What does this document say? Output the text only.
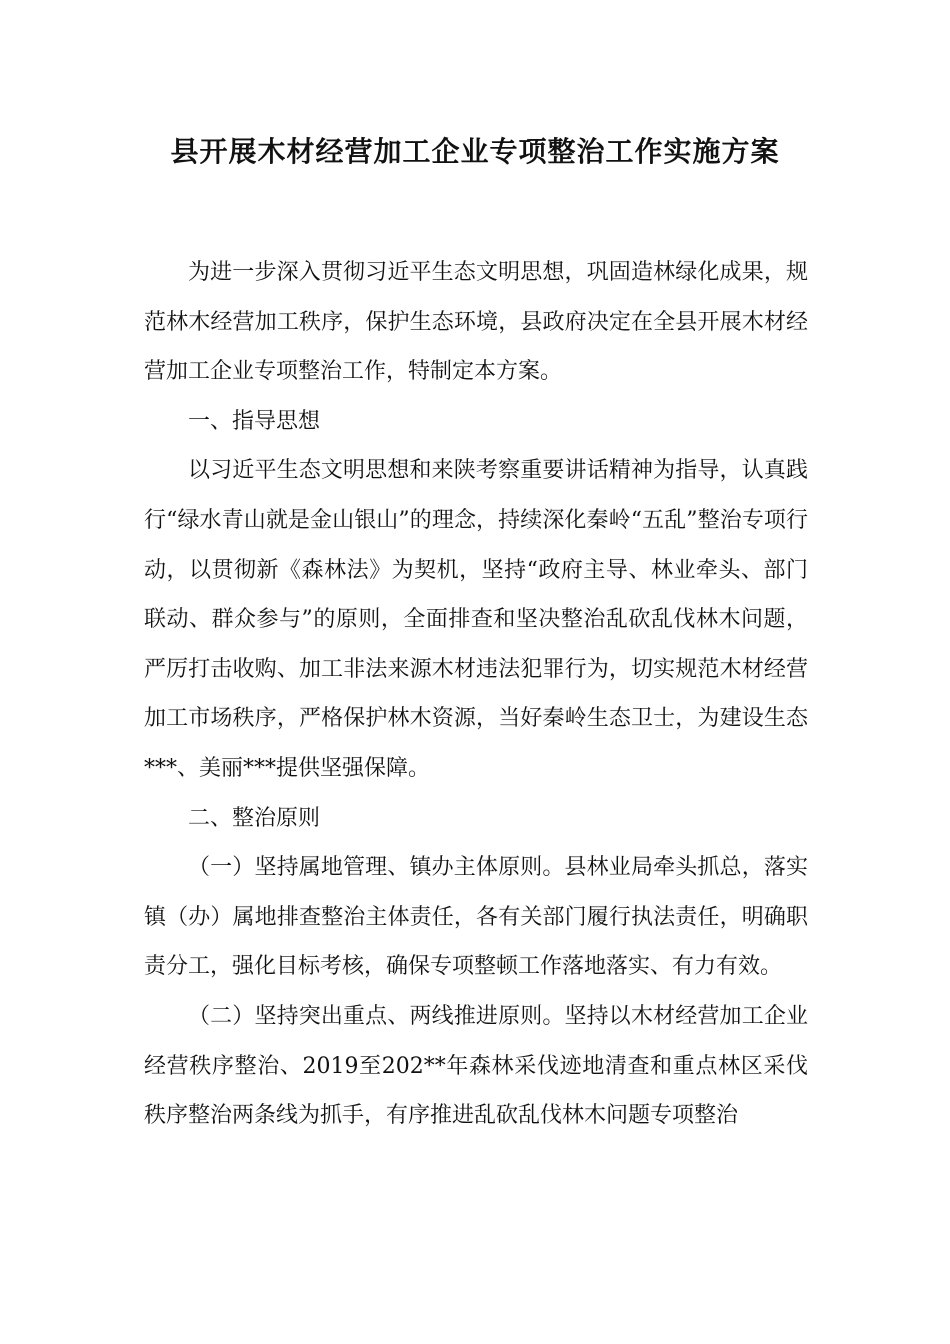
县开展木材经营加工企业专项整治工作实施方案

为进一步深入贯彻习近平生态文明思想，巩固造林绿化成果，规范林木经营加工秩序，保护生态环境，县政府决定在全县开展木材经营加工企业专项整治工作，特制定本方案。

一、指导思想

以习近平生态文明思想和来陕考察重要讲话精神为指导，认真践行“绿水青山就是金山银山”的理念，持续深化秦岭“五乱”整治专项行动，以贯彻新《森林法》为契机，坚持“政府主导、林业牵头、部门联动、群众参与”的原则，全面排查和坚决整治乱砍乱伐林木问题，严厉打击收购、加工非法来源木材违法犯罪行为，切实规范木材经营加工市场秩序，严格保护林木资源，当好秦岭生态卫士，为建设生态***、美丽***提供坚强保障。

二、整治原则

（一）坚持属地管理、镇办主体原则。县林业局牵头抓总，落实镇（办）属地排查整治主体责任，各有关部门履行执法责任，明确职责分工，强化目标考核，确保专项整顿工作落地落实、有力有效。

（二）坚持突出重点、两线推进原则。坚持以木材经营加工企业经营秩序整治、2019至202**年森林采伐迹地清查和重点林区采伐秩序整治两条线为抓手，有序推进乱砍乱伐林木问题专项整治
